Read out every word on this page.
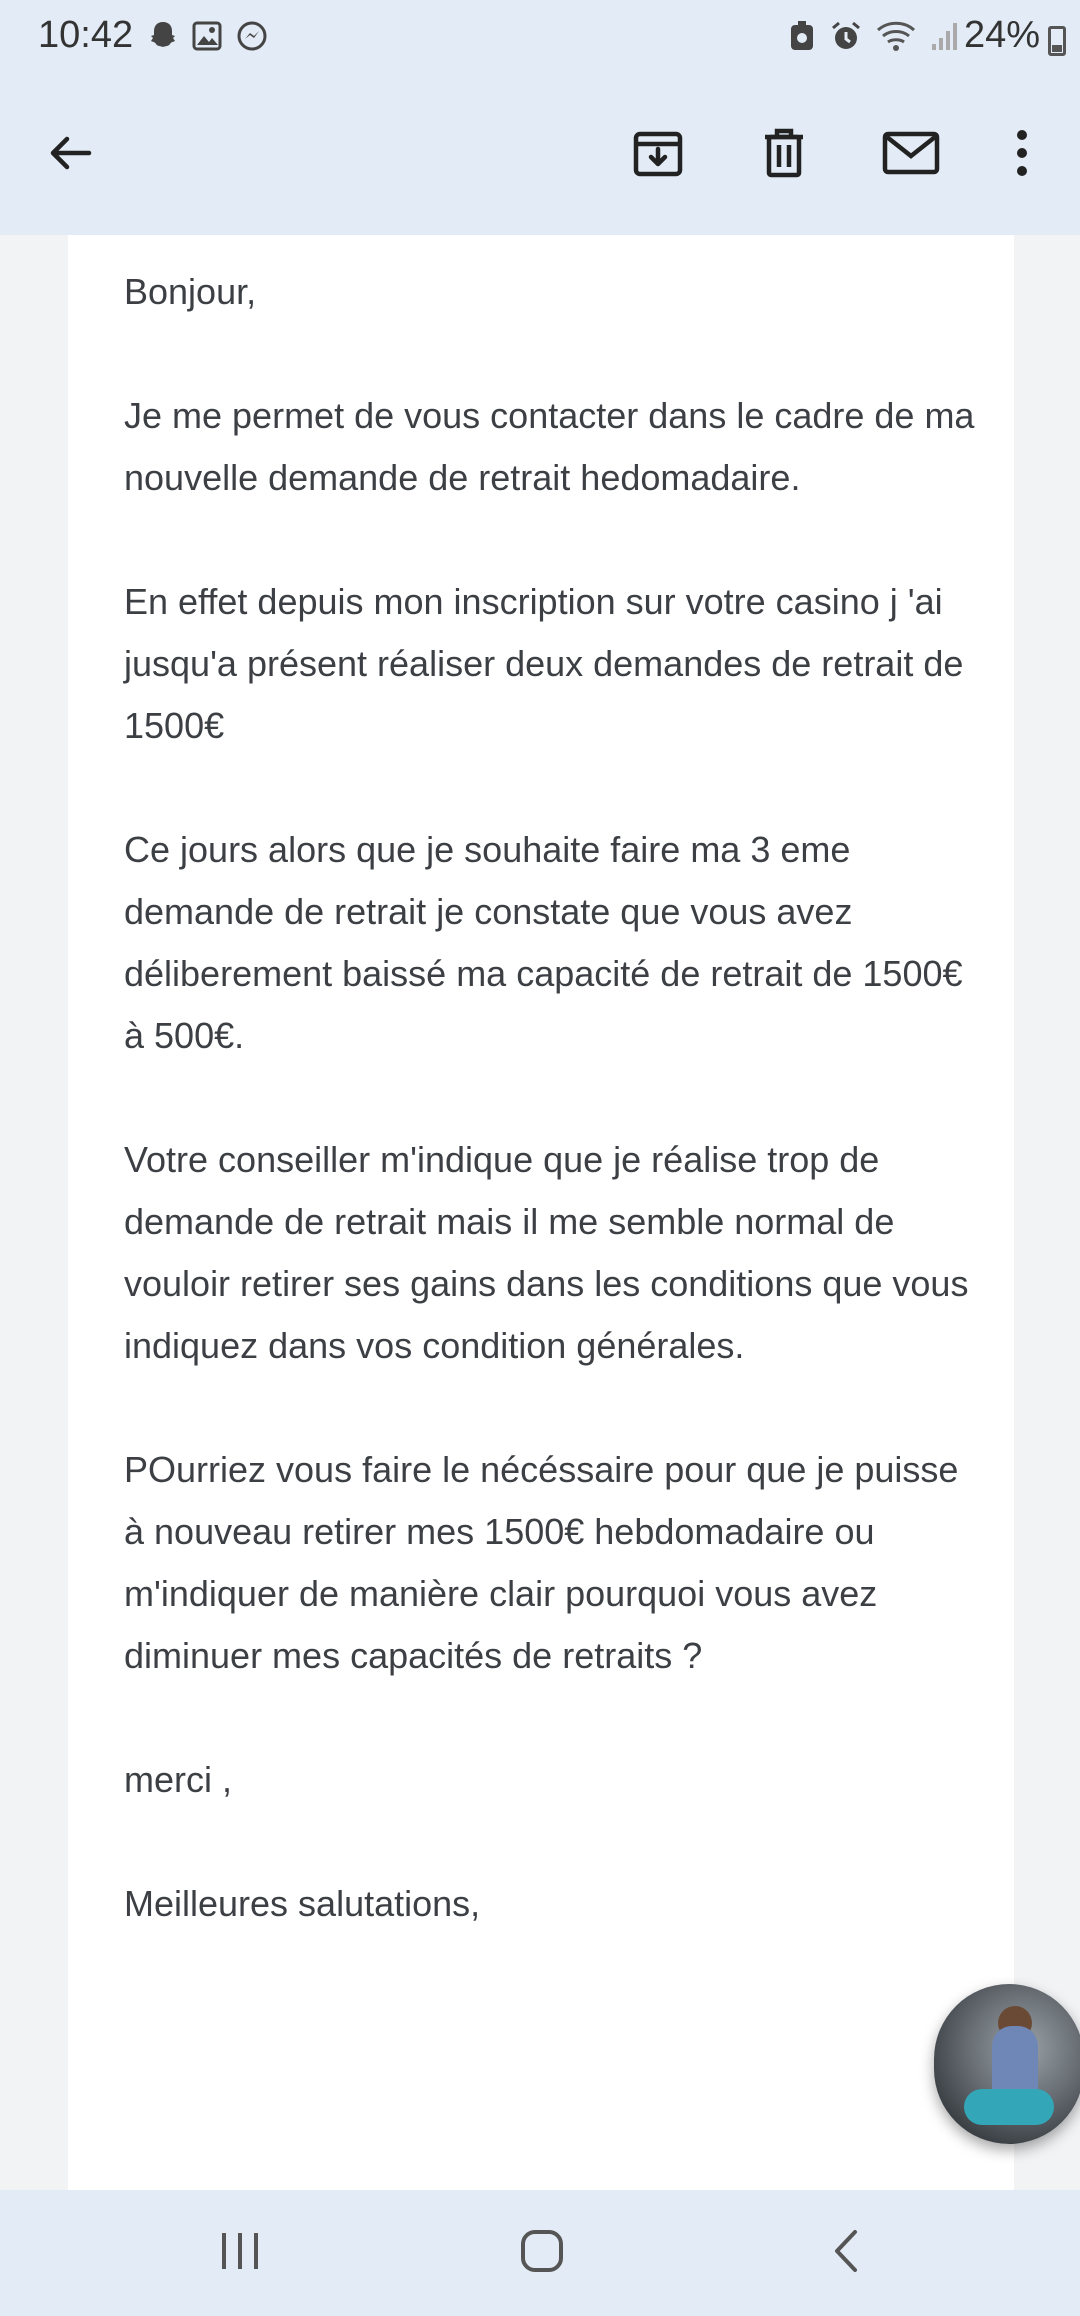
10:42	24%

Bonjour,

Je me permet de vous contacter dans le cadre de ma nouvelle demande de retrait hedomadaire.

En effet depuis mon inscription sur votre casino j 'ai jusqu'a présent réaliser deux demandes de retrait de 1500€

Ce jours alors que je souhaite faire ma 3 eme demande de retrait je constate que vous avez déliberement baissé ma capacité de retrait de 1500€ à 500€.

Votre conseiller m'indique que je réalise trop de demande de retrait mais il me semble normal de vouloir retirer ses gains dans les conditions que vous indiquez dans vos condition générales.

POurriez vous faire le nécéssaire pour que je puisse à nouveau retirer mes 1500€ hebdomadaire ou m'indiquer de manière clair pourquoi vous avez diminuer mes capacités de retraits ?

merci ,

Meilleures salutations,
